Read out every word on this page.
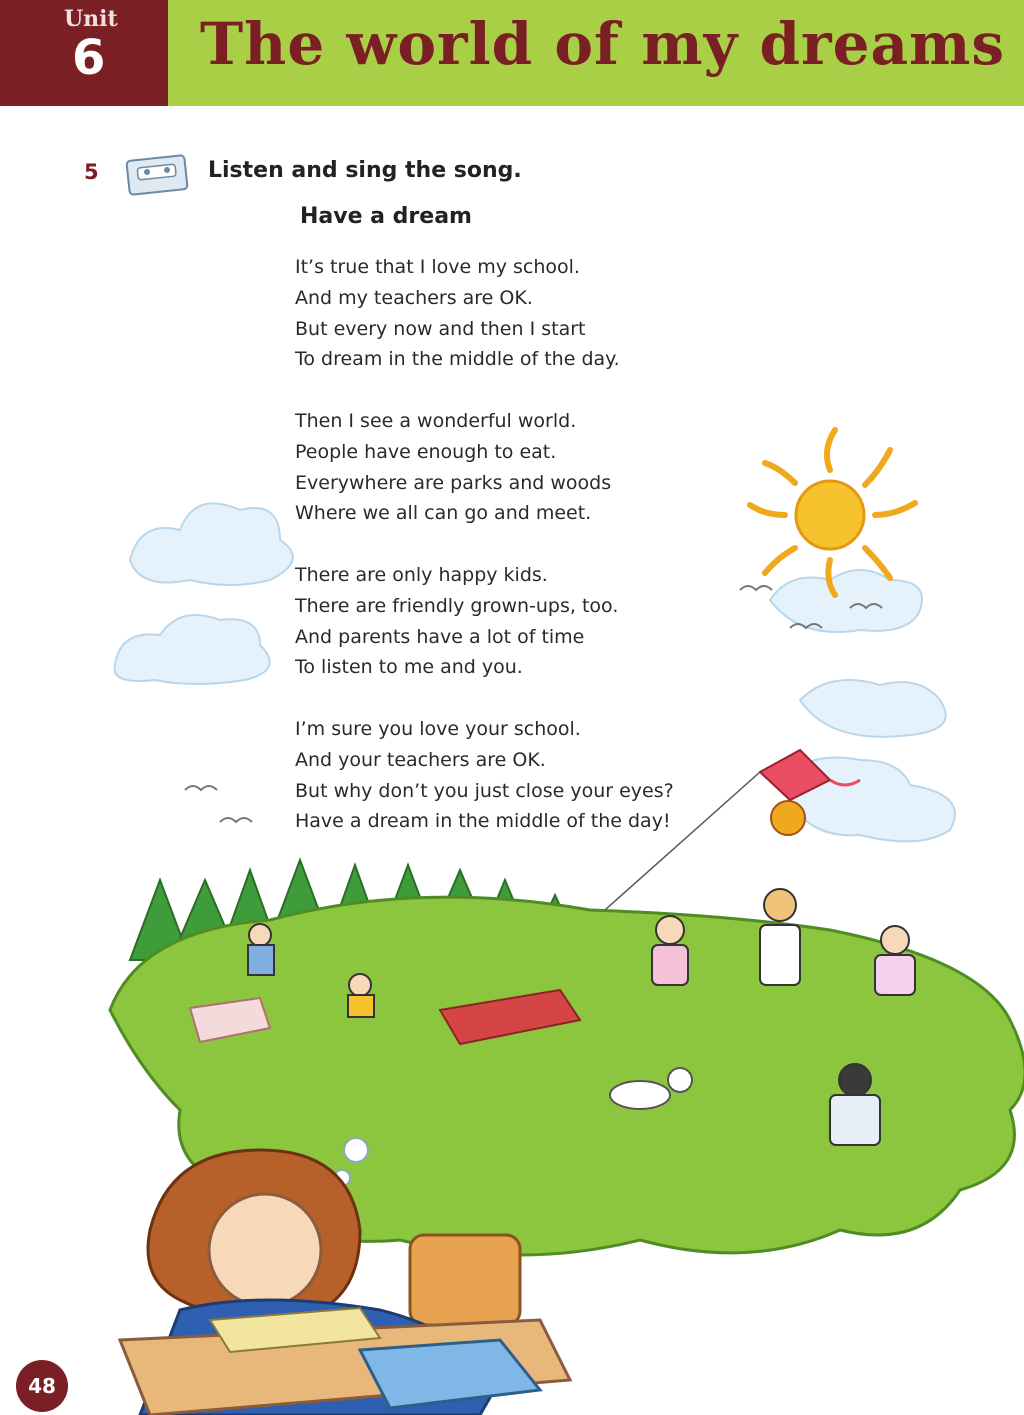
Unit
6 The world of my dreams
5	Listen and sing the song.
Have a dream
It’s true that I love my school.
And my teachers are OK.
But every now and then I start
To dream in the middle of the day.
Then I see a wonderful world.
People have enough to eat.
Everywhere are parks and woods
Where we all can go and meet.
There are only happy kids.
There are friendly grown-ups, too.
And parents have a lot of time
To listen to me and you.
I’m sure you love your school.
And your teachers are OK.
But why don’t you just close your eyes?
Have a dream in the middle of the day!
48
